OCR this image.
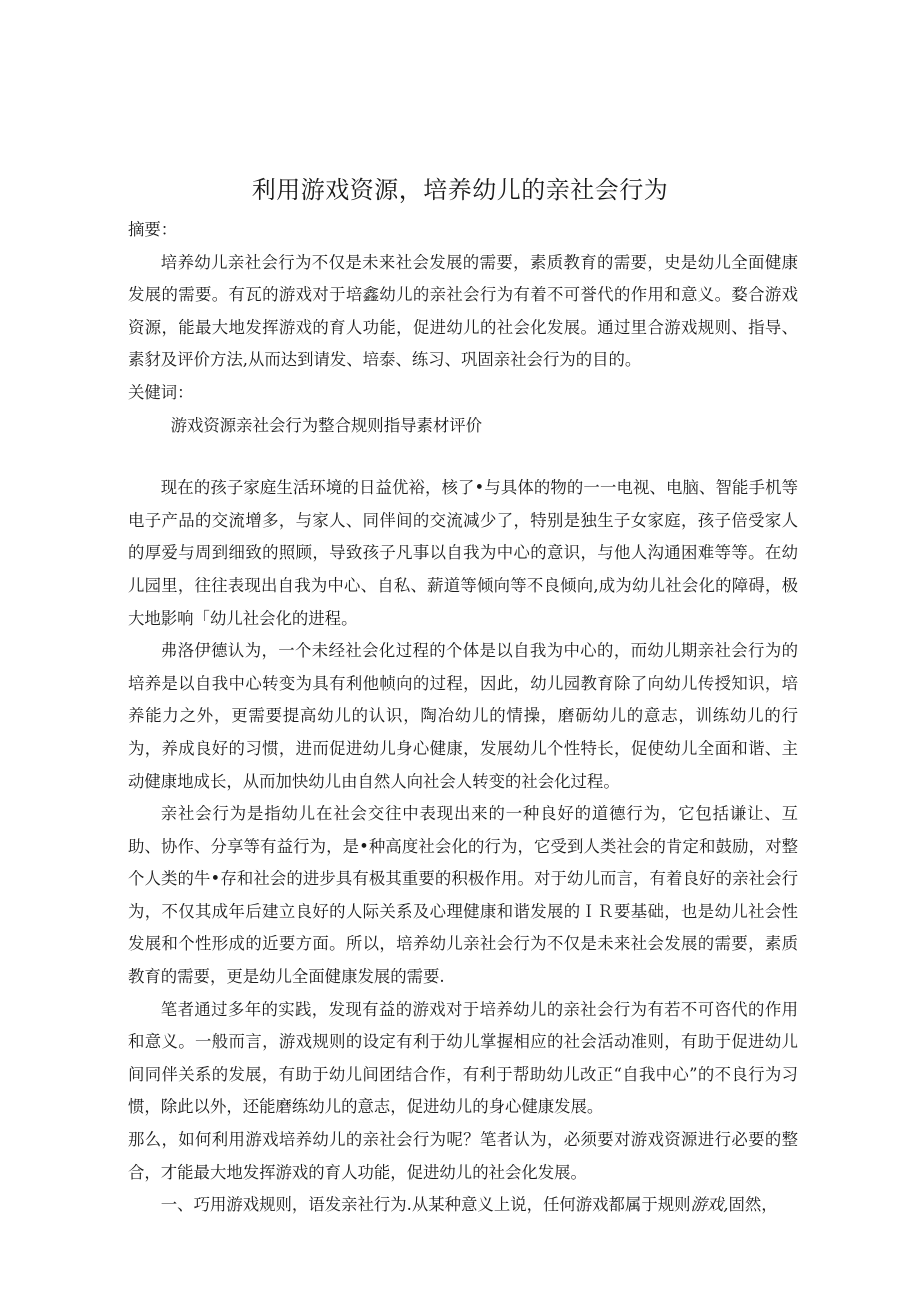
利用游戏资源，培养幼儿的亲社会行为

摘要：

培养幼儿亲社会行为不仅是未来社会发展的需要，素质教育的需要，史是幼儿全面健康发展的需要。有瓦的游戏对于培鑫幼儿的亲社会行为有着不可誉代的作用和意义。婺合游戏资源，能最大地发挥游戏的育人功能，促进幼儿的社会化发展。通过里合游戏规则、指导、素豺及评价方法,从而达到请发、培泰、练习、巩固亲社会行为的目的。

关健词：

游戏资源亲社会行为整合规则指导素材评价

现在的孩子家庭生活环境的日益优裕，核了•与具体的物的一一电视、电脑、智能手机等电子产品的交流增多，与家人、同伴间的交流减少了，特别是独生子女家庭，孩子倍受家人的厚爱与周到细致的照顾，导致孩子凡事以自我为中心的意识，与他人沟通困难等等。在幼儿园里，往往表现出自我为中心、自私、薪道等倾向等不良倾向,成为幼儿社会化的障碍，极大地影响「幼儿社会化的进程。

弗洛伊德认为，一个未经社会化过程的个体是以自我为中心的，而幼儿期亲社会行为的培养是以自我中心转变为具有利他帧向的过程，因此，幼儿园教育除了向幼儿传授知识，培养能力之外，更需要提高幼儿的认识，陶冶幼儿的情操，磨砺幼儿的意志，训练幼儿的行为，养成良好的习惯，进而促进幼儿身心健康，发展幼儿个性特长，促使幼儿全面和谐、主动健康地成长，从而加快幼儿由自然人向社会人转变的社会化过程。

亲社会行为是指幼儿在社会交往中表现出来的一种良好的道德行为，它包括谦让、互助、协作、分享等有益行为，是•种高度社会化的行为，它受到人类社会的肯定和鼓励，对整个人类的牛•存和社会的进步具有极其重要的积极作用。对于幼儿而言，有着良好的亲社会行为，不仅其成年后建立良好的人际关系及心理健康和谐发展的ＩＲ要基础，也是幼儿社会性发展和个性形成的近要方面。所以，培养幼儿亲社会行为不仅是未来社会发展的需要，素质教育的需要，更是幼儿全面健康发展的需要.

笔者通过多年的实践，发现有益的游戏对于培养幼儿的亲社会行为有若不可咨代的作用和意义。一般而言，游戏规则的设定有利于幼儿掌握相应的社会活动准则，有助于促进幼儿间同伴关系的发展，有助于幼儿间团结合作，有利于帮助幼儿改正“自我中心”的不良行为习惯，除此以外，还能磨练幼儿的意志，促进幼儿的身心健康发展。

那么，如何利用游戏培养幼儿的亲社会行为呢？笔者认为，必须要对游戏资源进行必要的整合，才能最大地发挥游戏的育人功能，促进幼儿的社会化发展。

一、巧用游戏规则，语发亲社行为.从某种意义上说，任何游戏都属于规则游戏,固然，
